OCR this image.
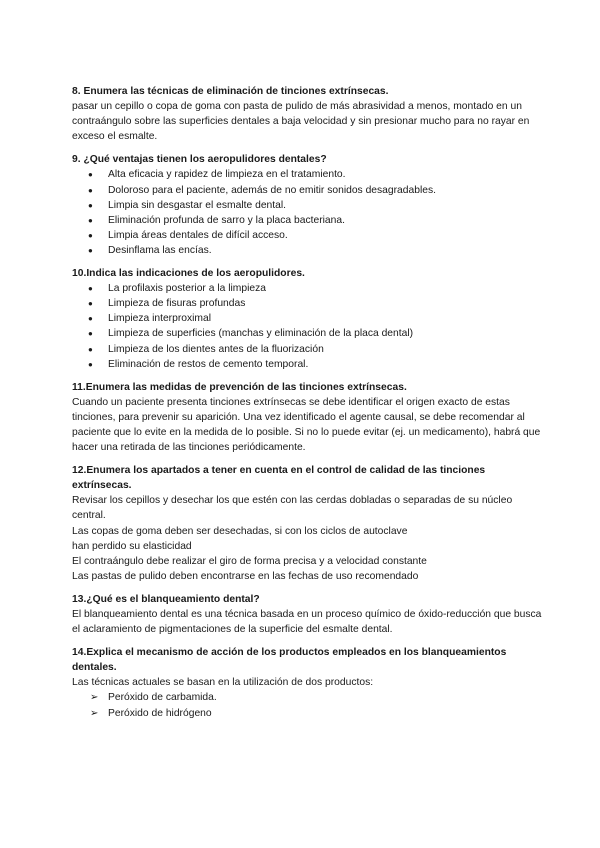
8. Enumera las técnicas de eliminación de tinciones extrínsecas.

pasar un cepillo o copa de goma con pasta de pulido de más abrasividad a menos, montado en un contraángulo sobre las superficies dentales a baja velocidad y sin presionar mucho para no rayar en exceso el esmalte.

9. ¿Qué ventajas tienen los aeropulidores dentales?

● Alta eficacia y rapidez de limpieza en el tratamiento.
● Doloroso para el paciente, además de no emitir sonidos desagradables.
● Limpia sin desgastar el esmalte dental.
● Eliminación profunda de sarro y la placa bacteriana.
● Limpia áreas dentales de difícil acceso.
● Desinflama las encías.

10.Indica las indicaciones de los aeropulidores.

● La profilaxis posterior a la limpieza
● Limpieza de fisuras profundas
● Limpieza interproximal
● Limpieza de superficies (manchas y eliminación de la placa dental)
● Limpieza de los dientes antes de la fluorización
● Eliminación de restos de cemento temporal.

11.Enumera las medidas de prevención de las tinciones extrínsecas.

Cuando un paciente presenta tinciones extrínsecas se debe identificar el origen exacto de estas tinciones, para prevenir su aparición. Una vez identificado el agente causal, se debe recomendar al paciente que lo evite en la medida de lo posible. Si no lo puede evitar (ej. un medicamento), habrá que hacer una retirada de las tinciones periódicamente.

12.Enumera los apartados a tener en cuenta en el control de calidad de las tinciones extrínsecas.

Revisar los cepillos y desechar los que estén con las cerdas dobladas o separadas de su núcleo central.

Las copas de goma deben ser desechadas, si con los ciclos de autoclave

han perdido su elasticidad

El contraángulo debe realizar el giro de forma precisa y a velocidad constante

Las pastas de pulido deben encontrarse en las fechas de uso recomendado

13.¿Qué es el blanqueamiento dental?

El blanqueamiento dental es una técnica basada en un proceso químico de óxido-reducción que busca el aclaramiento de pigmentaciones de la superficie del esmalte dental.

14.Explica el mecanismo de acción de los productos empleados en los blanqueamientos dentales.

Las técnicas actuales se basan en la utilización de dos productos:

➢ Peróxido de carbamida.
➢ Peróxido de hidrógeno
